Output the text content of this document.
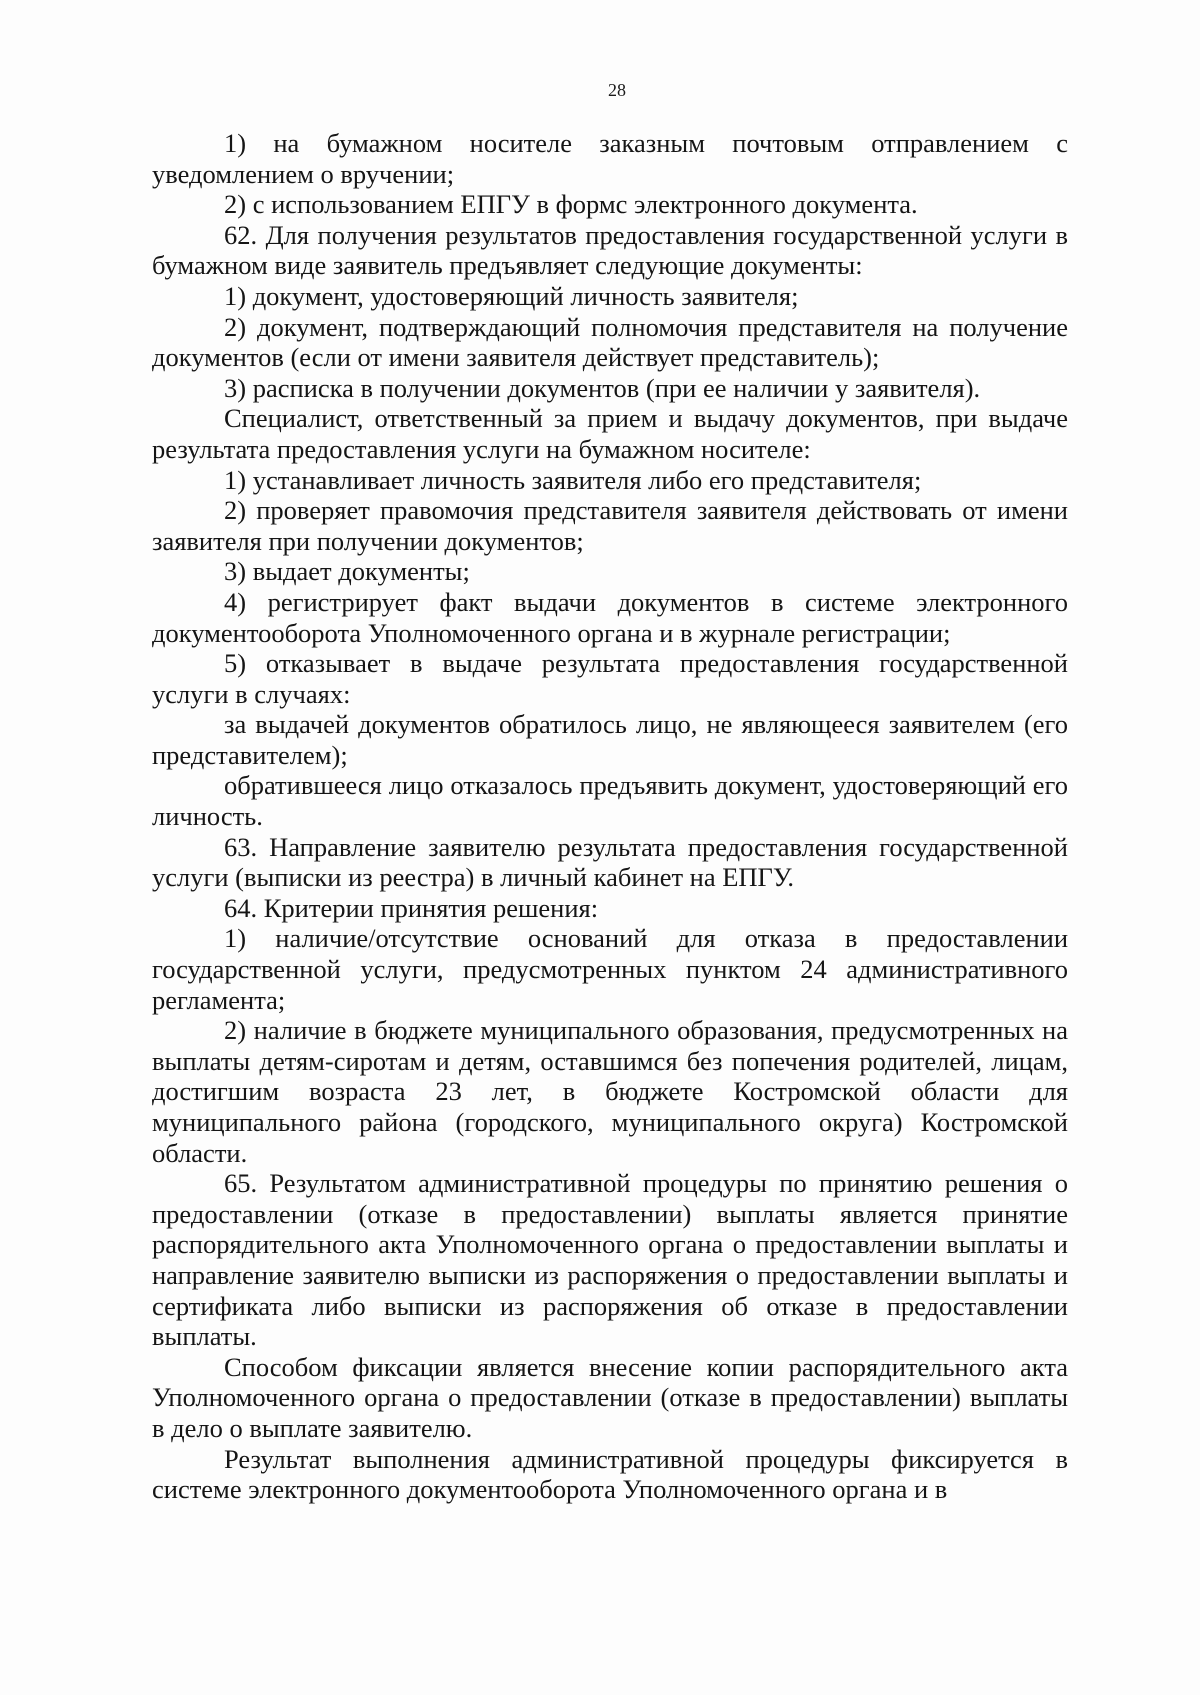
28

1) на бумажном носителе заказным почтовым отправлением с уведомлением о вручении;

2) с использованием ЕПГУ в формс электронного документа.

62. Для получения результатов предоставления государственной услуги в бумажном виде заявитель предъявляет следующие документы:

1) документ, удостоверяющий личность заявителя;

2) документ, подтверждающий полномочия представителя на получение документов (если от имени заявителя действует представитель);

3) расписка в получении документов (при ее наличии у заявителя).

Специалист, ответственный за прием и выдачу документов, при выдаче результата предоставления услуги на бумажном носителе:

1) устанавливает личность заявителя либо его представителя;

2) проверяет правомочия представителя заявителя действовать от имени заявителя при получении документов;

3) выдает документы;

4) регистрирует факт выдачи документов в системе электронного документооборота Уполномоченного органа и в журнале регистрации;

5) отказывает в выдаче результата предоставления государственной услуги в случаях:

за выдачей документов обратилось лицо, не являющееся заявителем (его представителем);

обратившееся лицо отказалось предъявить документ, удостоверяющий его личность.

63. Направление заявителю результата предоставления государственной услуги (выписки из реестра) в личный кабинет на ЕПГУ.

64. Критерии принятия решения:

1) наличие/отсутствие оснований для отказа в предоставлении государственной услуги, предусмотренных пунктом 24 административного регламента;

2) наличие в бюджете муниципального образования, предусмотренных на выплаты детям-сиротам и детям, оставшимся без попечения родителей, лицам, достигшим возраста 23 лет, в бюджете Костромской области для муниципального района (городского, муниципального округа) Костромской области.

65. Результатом административной процедуры по принятию решения о предоставлении (отказе в предоставлении) выплаты является принятие распорядительного акта Уполномоченного органа о предоставлении выплаты и направление заявителю выписки из распоряжения о предоставлении выплаты и сертификата либо выписки из распоряжения об отказе в предоставлении выплаты.

Способом фиксации является внесение копии распорядительного акта Уполномоченного органа о предоставлении (отказе в предоставлении) выплаты в дело о выплате заявителю.

Результат выполнения административной процедуры фиксируется в системе электронного документооборота Уполномоченного органа и в
